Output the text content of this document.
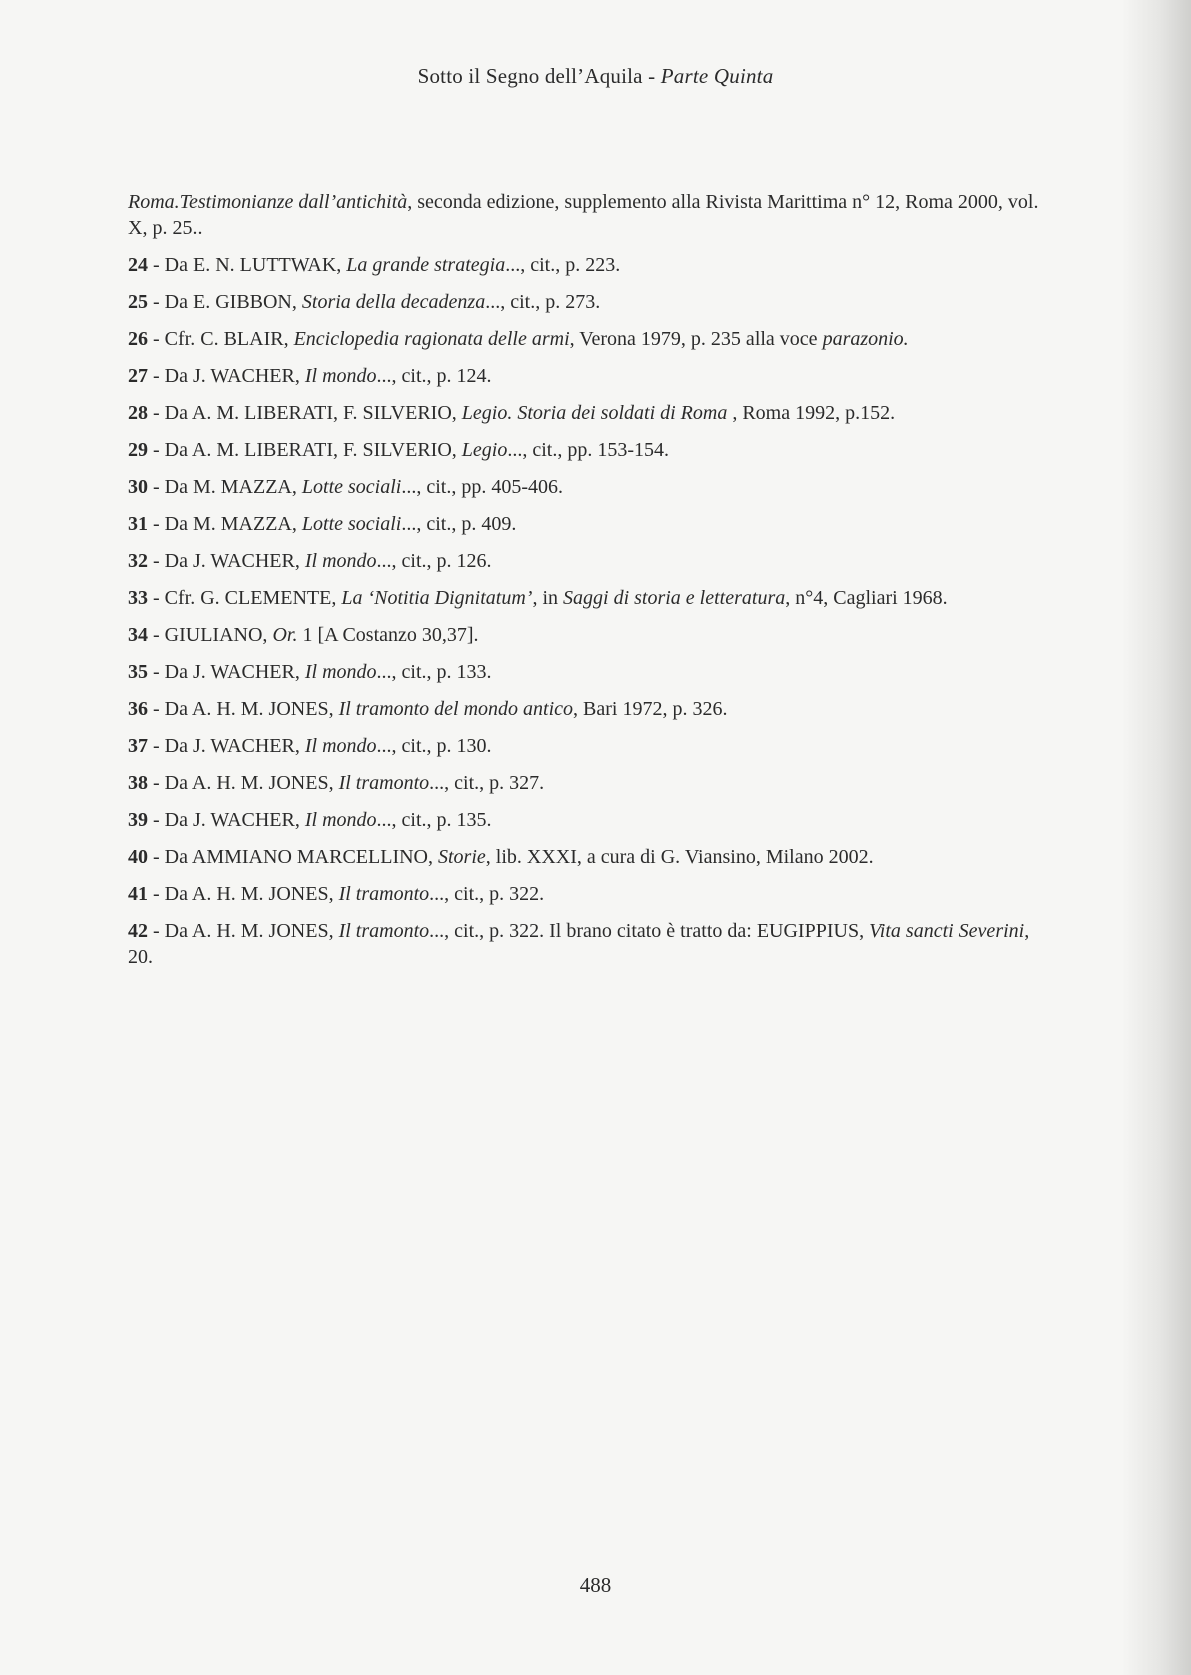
Sotto il Segno dell’Aquila - Parte Quinta

Roma.Testimonianze dall’antichità, seconda edizione, supplemento alla Rivista Marittima n° 12, Roma 2000, vol. X, p. 25..

24 - Da E. N. LUTTWAK, La grande strategia..., cit., p. 223.

25 - Da E. GIBBON, Storia della decadenza..., cit., p. 273.

26 - Cfr. C. BLAIR, Enciclopedia ragionata delle armi, Verona 1979, p. 235 alla voce parazonio.

27 - Da J. WACHER, Il mondo..., cit., p. 124.

28 - Da A. M. LIBERATI, F. SILVERIO, Legio. Storia dei soldati di Roma , Roma 1992, p.152.

29 - Da A. M. LIBERATI, F. SILVERIO, Legio..., cit., pp. 153-154.

30 - Da M. MAZZA, Lotte sociali..., cit., pp. 405-406.

31 - Da M. MAZZA, Lotte sociali..., cit., p. 409.

32 - Da J. WACHER, Il mondo..., cit., p. 126.

33 - Cfr. G. CLEMENTE, La ‘Notitia Dignitatum’, in Saggi di storia e letteratura, n°4, Cagliari 1968.

34 - GIULIANO, Or. 1 [A Costanzo 30,37].

35 - Da J. WACHER, Il mondo..., cit., p. 133.

36 - Da A. H. M. JONES, Il tramonto del mondo antico, Bari 1972, p. 326.

37 - Da J. WACHER, Il mondo..., cit., p. 130.

38 - Da A. H. M. JONES, Il tramonto..., cit., p. 327.

39 - Da J. WACHER, Il mondo..., cit., p. 135.

40 - Da AMMIANO MARCELLINO, Storie, lib. XXXI, a cura di G. Viansino, Milano 2002.

41 - Da A. H. M. JONES, Il tramonto..., cit., p. 322.

42 - Da A. H. M. JONES, Il tramonto..., cit., p. 322. Il brano citato è tratto da: EUGIPPIUS, Vita sancti Severini, 20.

488
